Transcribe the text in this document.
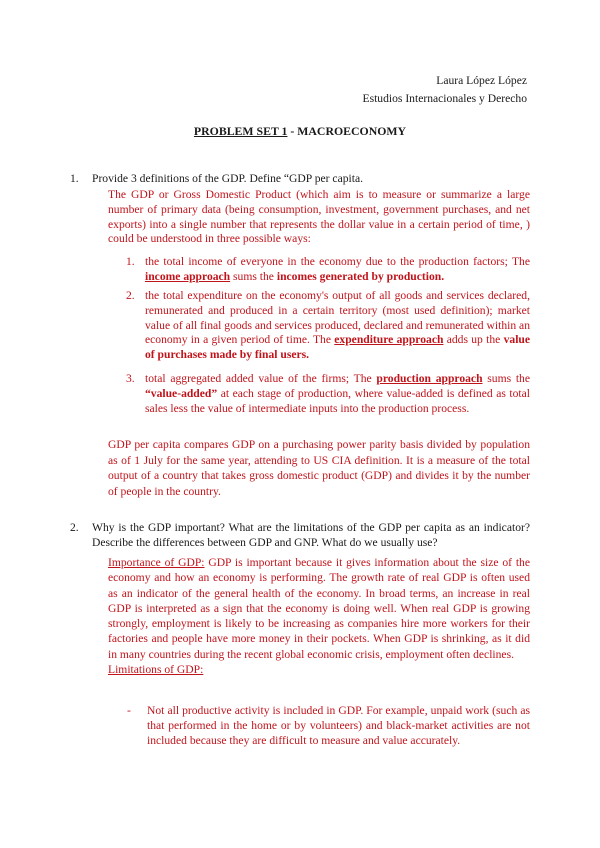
Laura López López
Estudios Internacionales y Derecho
PROBLEM SET 1 - MACROECONOMY
1. Provide 3 definitions of the GDP. Define “GDP per capita.
The GDP or Gross Domestic Product (which aim is to measure or summarize a large number of primary data (being consumption, investment, government purchases, and net exports) into a single number that represents the dollar value in a certain period of time, ) could be understood in three possible ways:
1. the total income of everyone in the economy due to the production factors; The income approach sums the incomes generated by production.
2. the total expenditure on the economy's output of all goods and services declared, remunerated and produced in a certain territory (most used definition); market value of all final goods and services produced, declared and remunerated within an economy in a given period of time. The expenditure approach adds up the value of purchases made by final users.
3. total aggregated added value of the firms; The production approach sums the “value-added” at each stage of production, where value-added is defined as total sales less the value of intermediate inputs into the production process.
GDP per capita compares GDP on a purchasing power parity basis divided by population as of 1 July for the same year, attending to US CIA definition. It is a measure of the total output of a country that takes gross domestic product (GDP) and divides it by the number of people in the country.
2. Why is the GDP important? What are the limitations of the GDP per capita as an indicator? Describe the differences between GDP and GNP. What do we usually use?
Importance of GDP: GDP is important because it gives information about the size of the economy and how an economy is performing. The growth rate of real GDP is often used as an indicator of the general health of the economy. In broad terms, an increase in real GDP is interpreted as a sign that the economy is doing well. When real GDP is growing strongly, employment is likely to be increasing as companies hire more workers for their factories and people have more money in their pockets. When GDP is shrinking, as it did in many countries during the recent global economic crisis, employment often declines.
Limitations of GDP:
- Not all productive activity is included in GDP. For example, unpaid work (such as that performed in the home or by volunteers) and black-market activities are not included because they are difficult to measure and value accurately.
